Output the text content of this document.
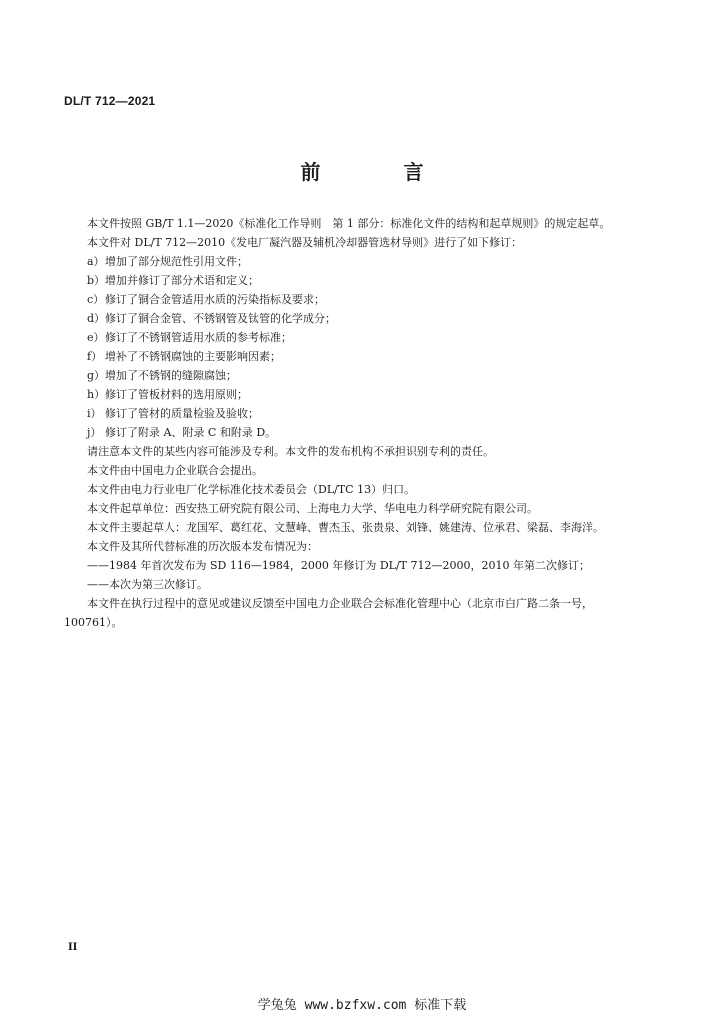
DL/T 712—2021
前 言

本文件按照 GB/T 1.1—2020《标准化工作导则　第 1 部分：标准化文件的结构和起草规则》的规定起草。

本文件对 DL/T 712—2010《发电厂凝汽器及辅机冷却器管选材导则》进行了如下修订：

a）增加了部分规范性引用文件；

b）增加并修订了部分术语和定义；

c）修订了铜合金管适用水质的污染指标及要求；

d）修订了铜合金管、不锈钢管及钛管的化学成分；

e）修订了不锈钢管适用水质的参考标准；

f） 增补了不锈钢腐蚀的主要影响因素；

g）增加了不锈钢的缝隙腐蚀；

h）修订了管板材料的选用原则；

i） 修订了管材的质量检验及验收；

j） 修订了附录 A、附录 C 和附录 D。

请注意本文件的某些内容可能涉及专利。本文件的发布机构不承担识别专利的责任。

本文件由中国电力企业联合会提出。

本文件由电力行业电厂化学标准化技术委员会（DL/TC 13）归口。

本文件起草单位：西安热工研究院有限公司、上海电力大学、华电电力科学研究院有限公司。

本文件主要起草人：龙国军、葛红花、文慧峰、曹杰玉、张贵泉、刘锋、姚建涛、位承君、梁磊、李海洋。

本文件及其所代替标准的历次版本发布情况为：

——1984 年首次发布为 SD 116—1984，2000 年修订为 DL/T 712—2000，2010 年第二次修订；

——本次为第三次修订。

本文件在执行过程中的意见或建议反馈至中国电力企业联合会标准化管理中心（北京市白广路二条一号，100761）。

II
学兔兔 www.bzfxw.com 标准下载
